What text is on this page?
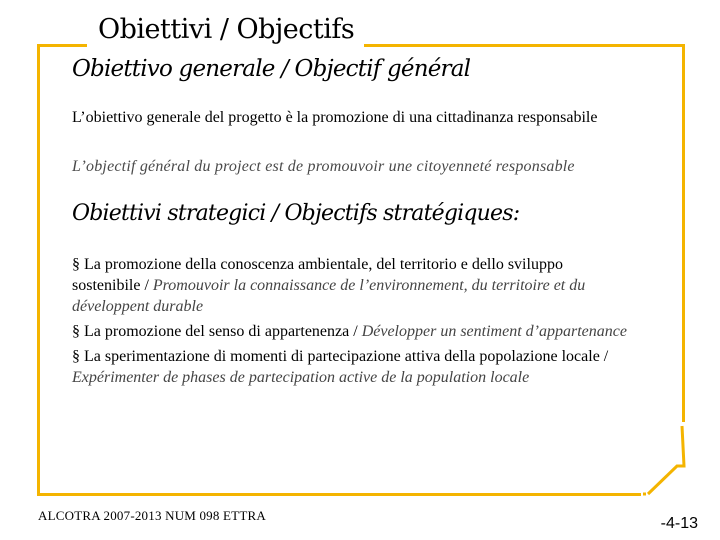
Obiettivi / Objectifs
Obiettivo generale / Objectif général

L’obiettivo generale del progetto è la promozione di una cittadinanza responsabile

L’objectif général du project est de promouvoir une citoyenneté responsable

Obiettivi strategici / Objectifs stratégiques:
§ La promozione della conoscenza ambientale, del territorio e dello sviluppo sostenibile / Promouvoir la connaissance de l’environnement, du territoire et du développent durable
§ La promozione del senso di appartenenza / Développer un sentiment d’appartenance
§ La sperimentazione di momenti di partecipazione attiva della popolazione locale / Expérimenter de phases de partecipation active de la population locale

ALCOTRA 2007-2013 NUM 098 ETTRA	-4-13
